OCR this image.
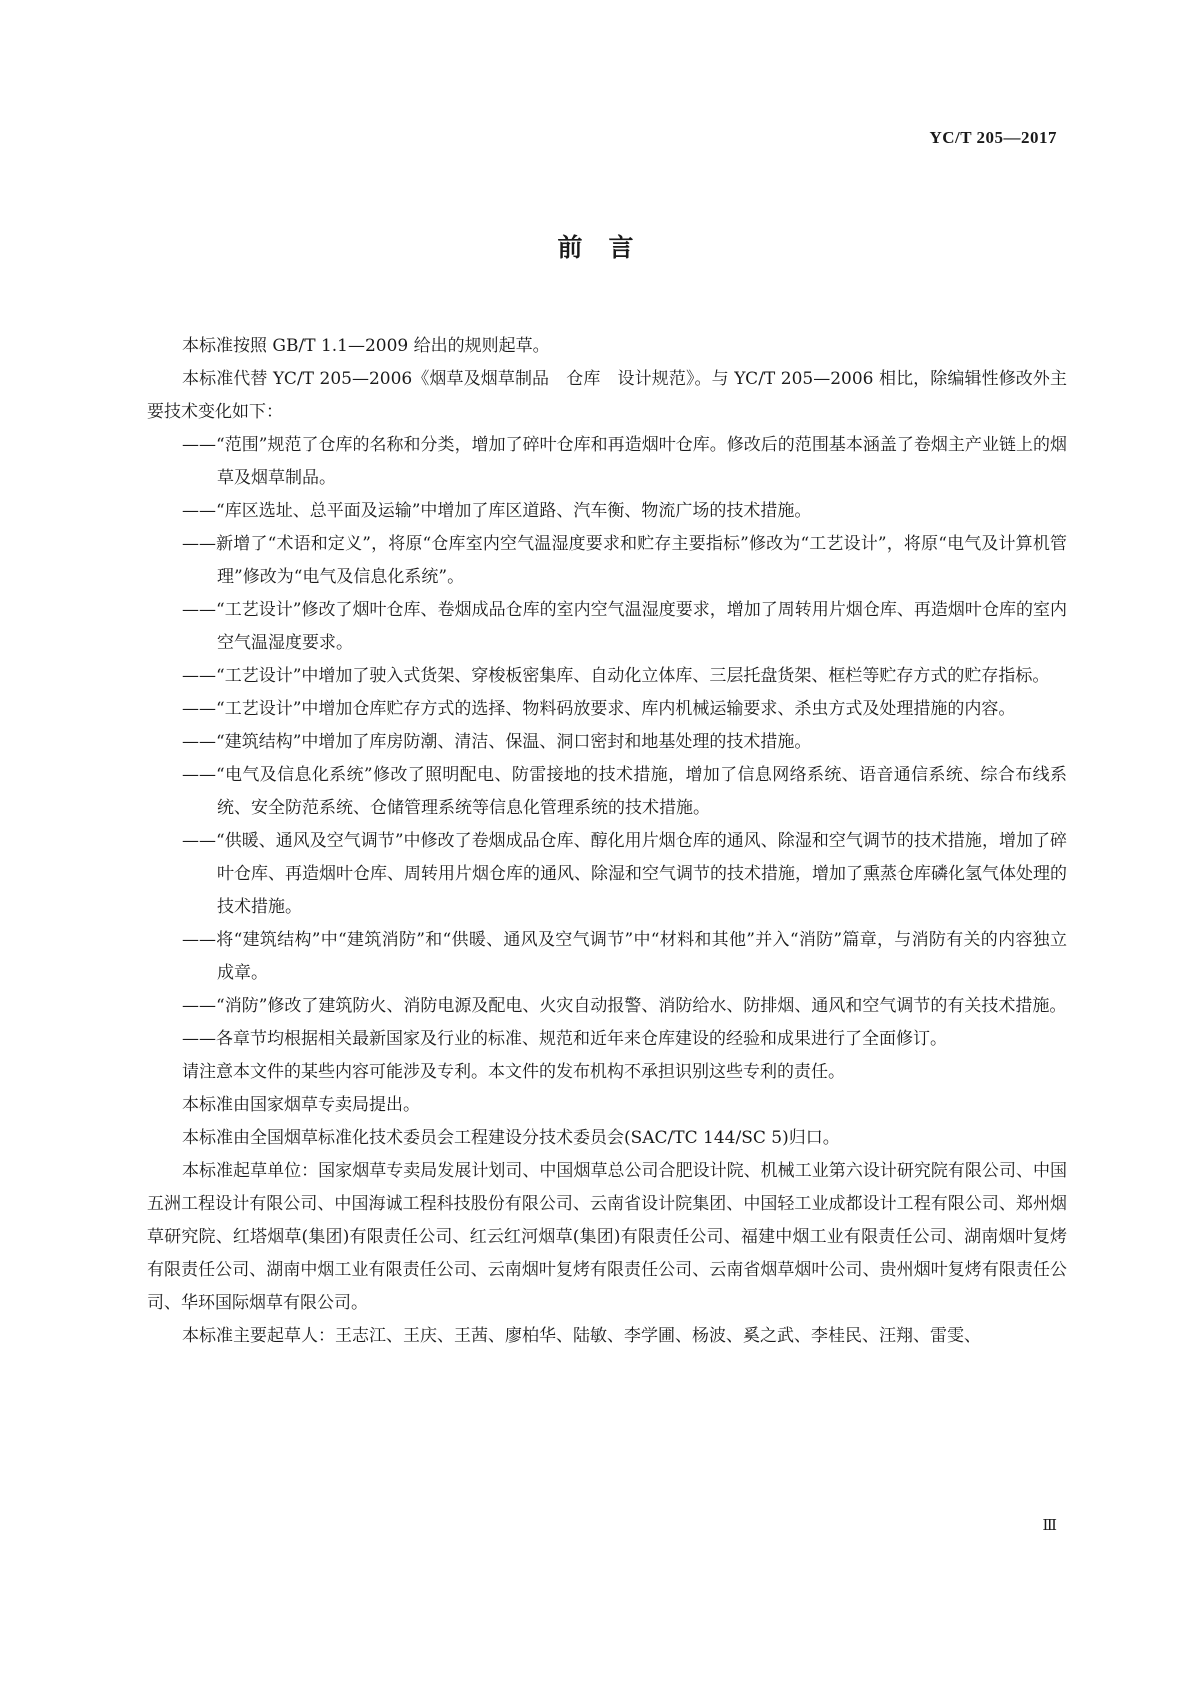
YC/T 205—2017
前言

本标准按照 GB/T 1.1—2009 给出的规则起草。

本标准代替 YC/T 205—2006《烟草及烟草制品　仓库　设计规范》。与 YC/T 205—2006 相比，除编辑性修改外主要技术变化如下：

——“范围”规范了仓库的名称和分类，增加了碎叶仓库和再造烟叶仓库。修改后的范围基本涵盖了卷烟主产业链上的烟草及烟草制品。

——“库区选址、总平面及运输”中增加了库区道路、汽车衡、物流广场的技术措施。

——新增了“术语和定义”，将原“仓库室内空气温湿度要求和贮存主要指标”修改为“工艺设计”，将原“电气及计算机管理”修改为“电气及信息化系统”。

——“工艺设计”修改了烟叶仓库、卷烟成品仓库的室内空气温湿度要求，增加了周转用片烟仓库、再造烟叶仓库的室内空气温湿度要求。

——“工艺设计”中增加了驶入式货架、穿梭板密集库、自动化立体库、三层托盘货架、框栏等贮存方式的贮存指标。

——“工艺设计”中增加仓库贮存方式的选择、物料码放要求、库内机械运输要求、杀虫方式及处理措施的内容。

——“建筑结构”中增加了库房防潮、清洁、保温、洞口密封和地基处理的技术措施。

——“电气及信息化系统”修改了照明配电、防雷接地的技术措施，增加了信息网络系统、语音通信系统、综合布线系统、安全防范系统、仓储管理系统等信息化管理系统的技术措施。

——“供暖、通风及空气调节”中修改了卷烟成品仓库、醇化用片烟仓库的通风、除湿和空气调节的技术措施，增加了碎叶仓库、再造烟叶仓库、周转用片烟仓库的通风、除湿和空气调节的技术措施，增加了熏蒸仓库磷化氢气体处理的技术措施。

——将“建筑结构”中“建筑消防”和“供暖、通风及空气调节”中“材料和其他”并入“消防”篇章，与消防有关的内容独立成章。

——“消防”修改了建筑防火、消防电源及配电、火灾自动报警、消防给水、防排烟、通风和空气调节的有关技术措施。

——各章节均根据相关最新国家及行业的标准、规范和近年来仓库建设的经验和成果进行了全面修订。

请注意本文件的某些内容可能涉及专利。本文件的发布机构不承担识别这些专利的责任。

本标准由国家烟草专卖局提出。

本标准由全国烟草标准化技术委员会工程建设分技术委员会(SAC/TC 144/SC 5)归口。

本标准起草单位：国家烟草专卖局发展计划司、中国烟草总公司合肥设计院、机械工业第六设计研究院有限公司、中国五洲工程设计有限公司、中国海诚工程科技股份有限公司、云南省设计院集团、中国轻工业成都设计工程有限公司、郑州烟草研究院、红塔烟草(集团)有限责任公司、红云红河烟草(集团)有限责任公司、福建中烟工业有限责任公司、湖南烟叶复烤有限责任公司、湖南中烟工业有限责任公司、云南烟叶复烤有限责任公司、云南省烟草烟叶公司、贵州烟叶复烤有限责任公司、华环国际烟草有限公司。

本标准主要起草人：王志江、王庆、王茜、廖柏华、陆敏、李学圃、杨波、奚之武、李桂民、汪翔、雷雯、

Ⅲ
